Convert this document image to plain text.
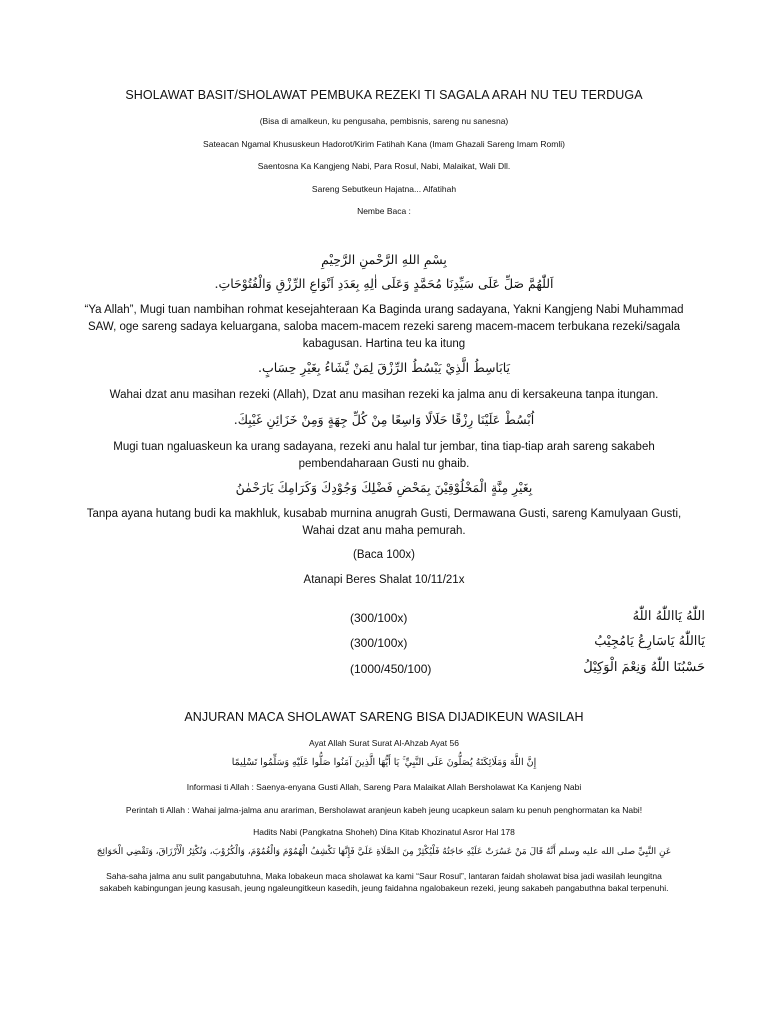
SHOLAWAT BASIT/SHOLAWAT PEMBUKA REZEKI TI SAGALA ARAH NU TEU TERDUGA
(Bisa di amalkeun, ku pengusaha, pembisnis, sareng nu sanesna)
Sateacan Ngamal Khususkeun Hadorot/Kirim Fatihah Kana (Imam Ghazali Sareng Imam Romli)
Saentosna Ka Kangjeng Nabi, Para Rosul, Nabi, Malaikat, Wali Dll.
Sareng Sebutkeun Hajatna... Alfatihah
Nembe Baca :
بِسْمِ اللهِ الرَّحْمنِ الرَّحِيْمِ
اَللّٰهُمَّ صَلِّ عَلَى سَيِّدِنَا مُحَمَّدٍ وَعَلَى اٰلِهِ بِعَدَدِ اَنْوَاعِ الرِّزْقِ وَالْفُتُوْحَاتِ.
“Ya Allah”, Mugi tuan nambihan rohmat kesejahteraan Ka Baginda urang sadayana, Yakni Kangjeng Nabi Muhammad SAW, oge sareng sadaya keluargana, saloba macem-macem rezeki sareng macem-macem terbukana rezeki/sagala kabagusan. Hartina teu ka itung
يَابَاسِطُ الَّذِيْ يَبْسُطُ الرِّزْقَ لِمَنْ يَّشَاءُ بِغَيْرِ حِسَابٍ.
Wahai dzat anu masihan rezeki (Allah), Dzat anu masihan rezeki ka jalma anu di kersakeuna tanpa itungan.
اُبْسُطْ عَلَيْنَا رِزْقًا حَلَالًا وَاسِعًا مِنْ كُلِّ جِهَةٍ وَمِنْ خَزَائِنِ غَيْبِكَ.
Mugi tuan ngaluaskeun ka urang sadayana, rezeki anu halal tur jembar, tina tiap-tiap arah sareng sakabeh pembendaharaan Gusti nu ghaib.
بِغَيْرِ مِنَّةٍ الْمَخْلُوْقِيْنَ بِمَحْضِ فَضْلِكَ وَجُوْدِكَ وَكَرَامِكَ يَارَحْمٰنُ
Tanpa ayana hutang budi ka makhluk, kusabab murnina anugrah Gusti, Dermawana Gusti, sareng Kamulyaan Gusti, Wahai dzat anu maha pemurah.
(Baca 100x)
Atanapi Beres Shalat 10/11/21x
(300/100x)	اللّٰهُ يَااللّٰهُ اللّٰهُ
(300/100x)	يَااللّٰهُ يَاسَارِعُ يَامُجِيْبُ
(1000/450/100)	حَسْبُنَا اللّٰهُ وَنِعْمَ الْوَكِيْلُ
ANJURAN MACA SHOLAWAT SARENG BISA DIJADIKEUN WASILAH
Ayat Allah Surat Surat Al-Ahzab Ayat 56
إِنَّ اللَّهَ وَمَلَائِكَتَهُ يُصَلُّونَ عَلَى النَّبِيِّ ۚ يَا أَيُّهَا الَّذِينَ آمَنُوا صَلُّوا عَلَيْهِ وَسَلِّمُوا تَسْلِيمًا
Informasi ti Allah : Saenya-enyana Gusti Allah, Sareng Para Malaikat Allah Bersholawat Ka Kanjeng Nabi
Perintah ti Allah : Wahai jalma-jalma anu arariman, Bersholawat aranjeun kabeh jeung ucapkeun salam ku penuh penghormatan ka Nabi!
Hadits Nabi (Pangkatna Shoheh) Dina Kitab Khozinatul Asror Hal 178
عَنِ النَّبِيِّ صلى الله عليه وسلم أَنَّهُ قَالَ مَنْ عَسُرَتْ عَلَيْهِ حَاجَتُهُ فَلْيُكْثِرْ مِنَ الصَّلَاةِ عَلَيَّ فَإِنَّهَا تَكْشِفُ الْهُمُوْمَ وَالْغُمُوْمَ، وَالْكُرُوْبَ، وَتُكْثِرُ الْأَرْزَاقَ، وَتَقْضِي الْحَوَائِجَ
Saha-saha jalma anu sulit pangabutuhna, Maka lobakeun maca sholawat ka kami “Saur Rosul”, lantaran faidah sholawat bisa jadi wasilah leungitna sakabeh kabingungan jeung kasusah, jeung ngaleungitkeun kasedih, jeung faidahna ngalobakeun rezeki, jeung sakabeh pangabuthna bakal terpenuhi.
